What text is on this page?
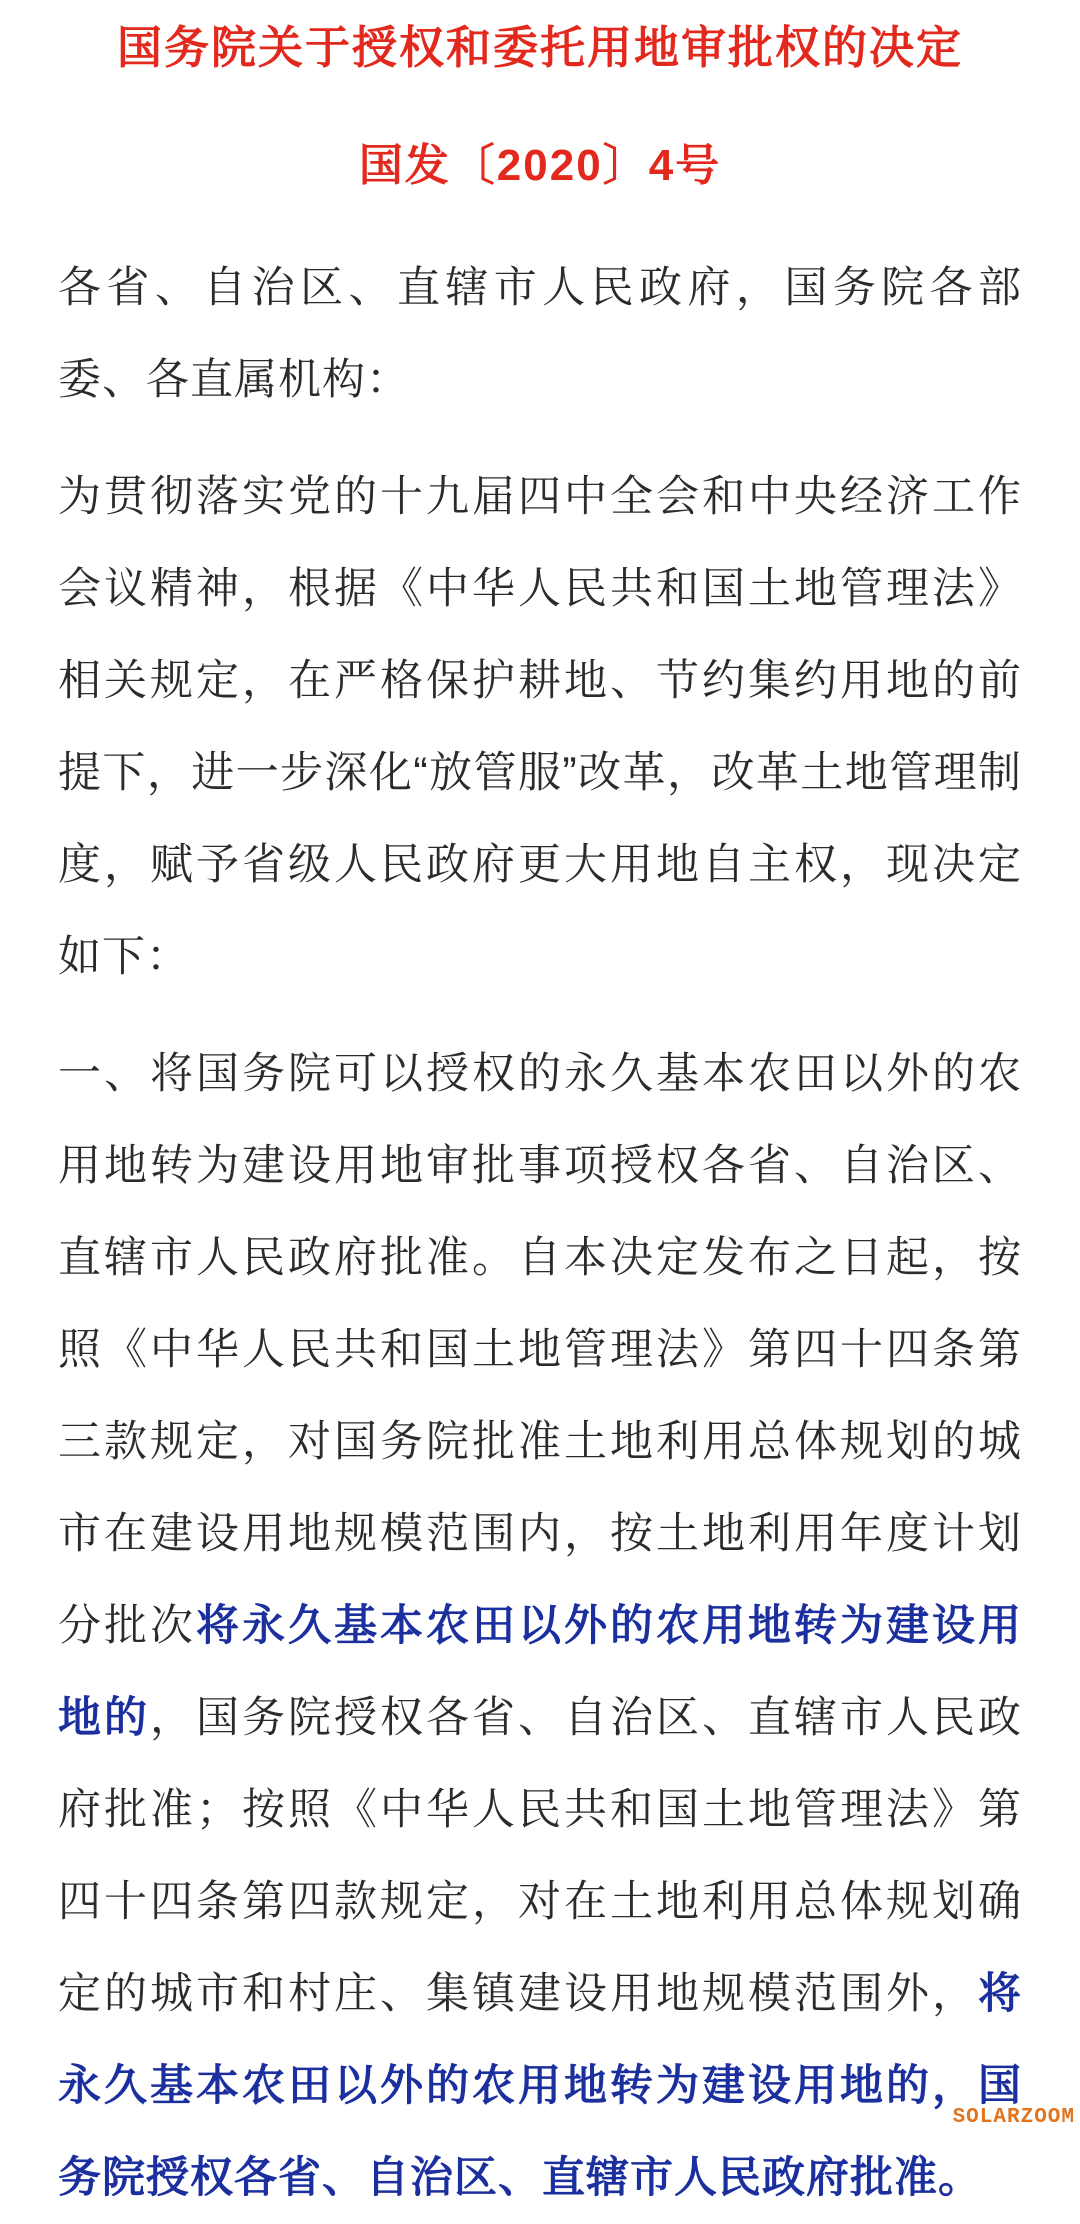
国务院关于授权和委托用地审批权的决定
国发〔2020〕4号

各省、自治区、直辖市人民政府，国务院各部委、各直属机构：

为贯彻落实党的十九届四中全会和中央经济工作会议精神，根据《中华人民共和国土地管理法》相关规定，在严格保护耕地、节约集约用地的前提下，进一步深化“放管服”改革，改革土地管理制度，赋予省级人民政府更大用地自主权，现决定如下：

一、将国务院可以授权的永久基本农田以外的农用地转为建设用地审批事项授权各省、自治区、直辖市人民政府批准。自本决定发布之日起，按照《中华人民共和国土地管理法》第四十四条第三款规定，对国务院批准土地利用总体规划的城市在建设用地规模范围内，按土地利用年度计划分批次将永久基本农田以外的农用地转为建设用地的，国务院授权各省、自治区、直辖市人民政府批准；按照《中华人民共和国土地管理法》第四十四条第四款规定，对在土地利用总体规划确定的城市和村庄、集镇建设用地规模范围外，将永久基本农田以外的农用地转为建设用地的，国务院授权各省、自治区、直辖市人民政府批准。

SOLARZOOM
